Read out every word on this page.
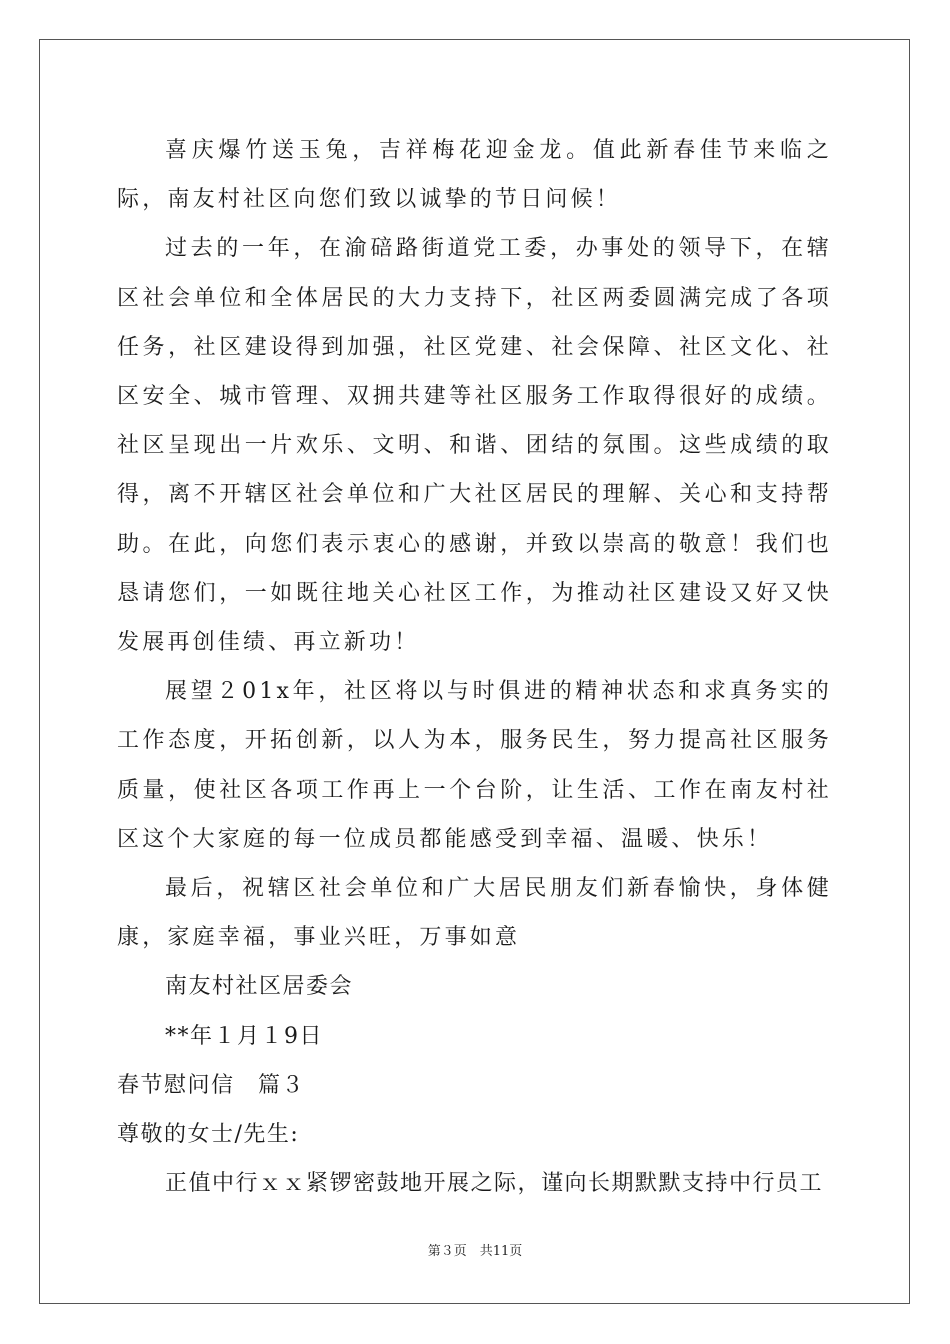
喜庆爆竹送玉兔，吉祥梅花迎金龙。值此新春佳节来临之际，南友村社区向您们致以诚挚的节日问候！

过去的一年，在渝碚路街道党工委，办事处的领导下，在辖区社会单位和全体居民的大力支持下，社区两委圆满完成了各项任务，社区建设得到加强，社区党建、社会保障、社区文化、社区安全、城市管理、双拥共建等社区服务工作取得很好的成绩。社区呈现出一片欢乐、文明、和谐、团结的氛围。这些成绩的取得，离不开辖区社会单位和广大社区居民的理解、关心和支持帮助。在此，向您们表示衷心的感谢，并致以崇高的敬意！我们也恳请您们，一如既往地关心社区工作，为推动社区建设又好又快发展再创佳绩、再立新功！

展望２01x年，社区将以与时俱进的精神状态和求真务实的工作态度，开拓创新，以人为本，服务民生，努力提高社区服务质量，使社区各项工作再上一个台阶，让生活、工作在南友村社区这个大家庭的每一位成员都能感受到幸福、温暖、快乐！

最后，祝辖区社会单位和广大居民朋友们新春愉快，身体健康，家庭幸福，事业兴旺，万事如意

南友村社区居委会

**年１月１9日

春节慰问信　篇３

尊敬的女士/先生:

正值中行ｘｘ紧锣密鼓地开展之际，谨向长期默默支持中行员工

第３页　共11页
